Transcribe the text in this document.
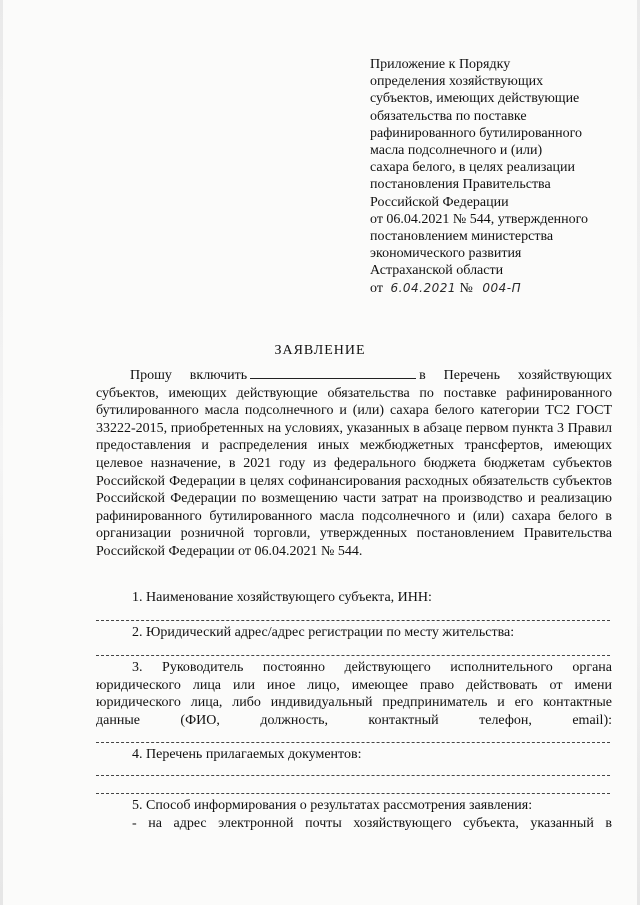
Приложение к Порядку
определения хозяйствующих
субъектов, имеющих действующие
обязательства по поставке
рафинированного бутилированного
масла подсолнечного и (или)
сахара белого, в целях реализации
постановления Правительства
Российской Федерации
от 06.04.2021 № 544, утвержденного
постановлением министерства
экономического развития
Астраханской области
от 6.04.2021 № 004-П
ЗАЯВЛЕНИЕ
Прошу включить	в Перечень хозяйствующих субъектов, имеющих действующие обязательства по поставке рафинированного бутилированного масла подсолнечного и (или) сахара белого категории ТС2 ГОСТ 33222-2015, приобретенных на условиях, указанных в абзаце первом пункта 3 Правил предоставления и распределения иных межбюджетных трансфертов, имеющих целевое назначение, в 2021 году из федерального бюджета бюджетам субъектов Российской Федерации в целях софинансирования расходных обязательств субъектов Российской Федерации по возмещению части затрат на производство и реализацию рафинированного бутилированного масла подсолнечного и (или) сахара белого в организации розничной торговли, утвержденных постановлением Правительства Российской Федерации от 06.04.2021 № 544.
1. Наименование хозяйствующего субъекта, ИНН:
2. Юридический адрес/адрес регистрации по месту жительства:
3. Руководитель постоянно действующего исполнительного органа
юридического лица или иное лицо, имеющее право действовать от имени
юридического лица, либо индивидуальный предприниматель и его контактные
данные (ФИО, должность, контактный телефон, email):
4. Перечень прилагаемых документов:
5. Способ информирования о результатах рассмотрения заявления:
- на адрес электронной почты хозяйствующего субъекта, указанный в
